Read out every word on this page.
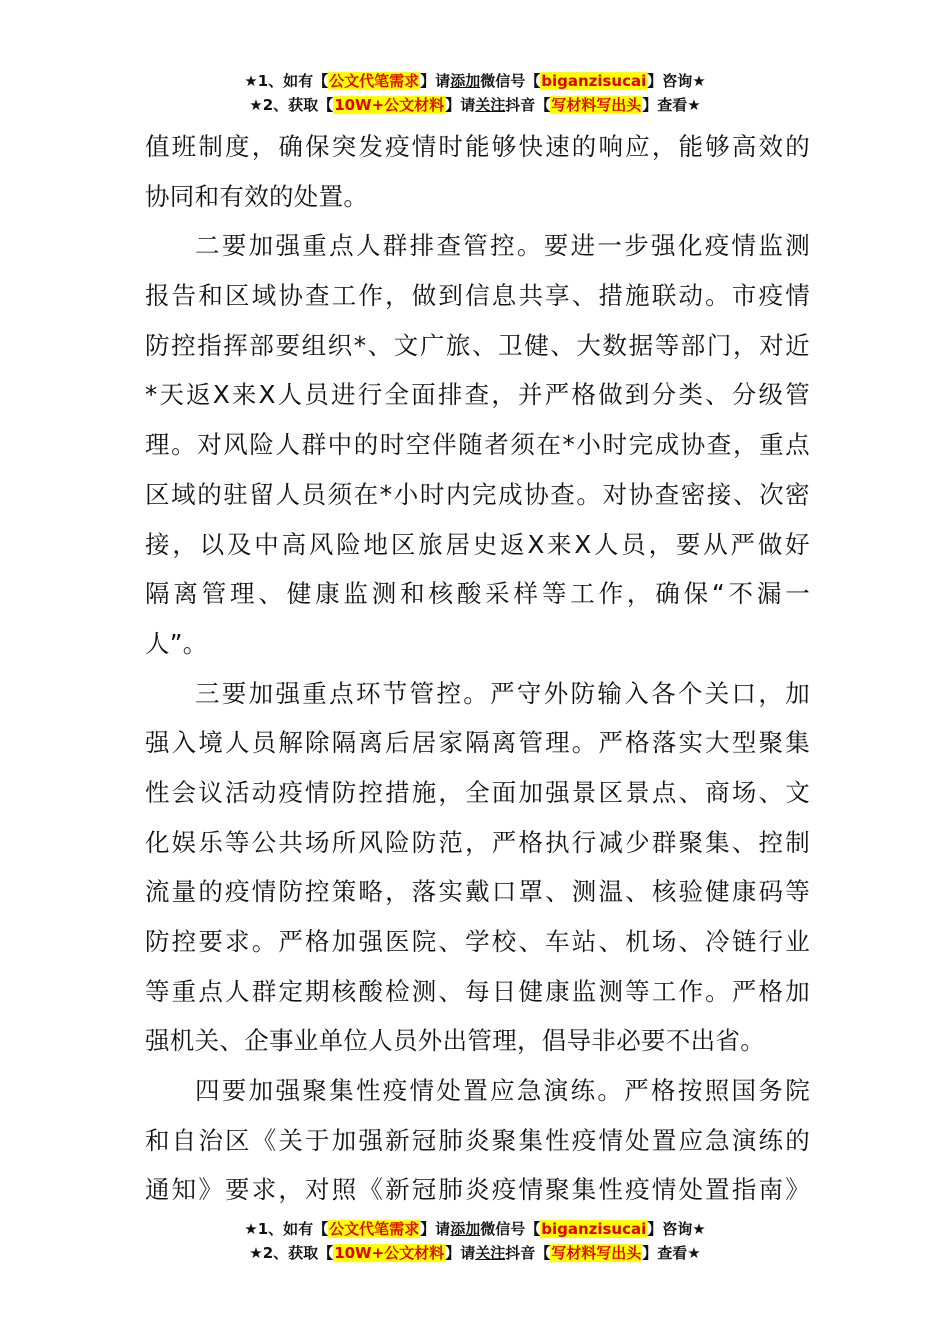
★1、如有【公文代笔需求】请添加微信号【biganzisucai】咨询★
★2、获取【10W+公文材料】请关注抖音【写材料写出头】查看★
值班制度，确保突发疫情时能够快速的响应，能够高效的
协同和有效的处置。
二要加强重点人群排查管控。要进一步强化疫情监测
报告和区域协查工作，做到信息共享、措施联动。市疫情
防控指挥部要组织*、文广旅、卫健、大数据等部门，对近
*天返X来X人员进行全面排查，并严格做到分类、分级管
理。对风险人群中的时空伴随者须在*小时完成协查，重点
区域的驻留人员须在*小时内完成协查。对协查密接、次密
接，以及中高风险地区旅居史返X来X人员，要从严做好
隔离管理、健康监测和核酸采样等工作，确保“不漏一
人”。
三要加强重点环节管控。严守外防输入各个关口，加
强入境人员解除隔离后居家隔离管理。严格落实大型聚集
性会议活动疫情防控措施，全面加强景区景点、商场、文
化娱乐等公共场所风险防范，严格执行减少群聚集、控制
流量的疫情防控策略，落实戴口罩、测温、核验健康码等
防控要求。严格加强医院、学校、车站、机场、冷链行业
等重点人群定期核酸检测、每日健康监测等工作。严格加
强机关、企事业单位人员外出管理，倡导非必要不出省。
四要加强聚集性疫情处置应急演练。严格按照国务院
和自治区《关于加强新冠肺炎聚集性疫情处置应急演练的
通知》要求，对照《新冠肺炎疫情聚集性疫情处置指南》
★1、如有【公文代笔需求】请添加微信号【biganzisucai】咨询★
★2、获取【10W+公文材料】请关注抖音【写材料写出头】查看★
